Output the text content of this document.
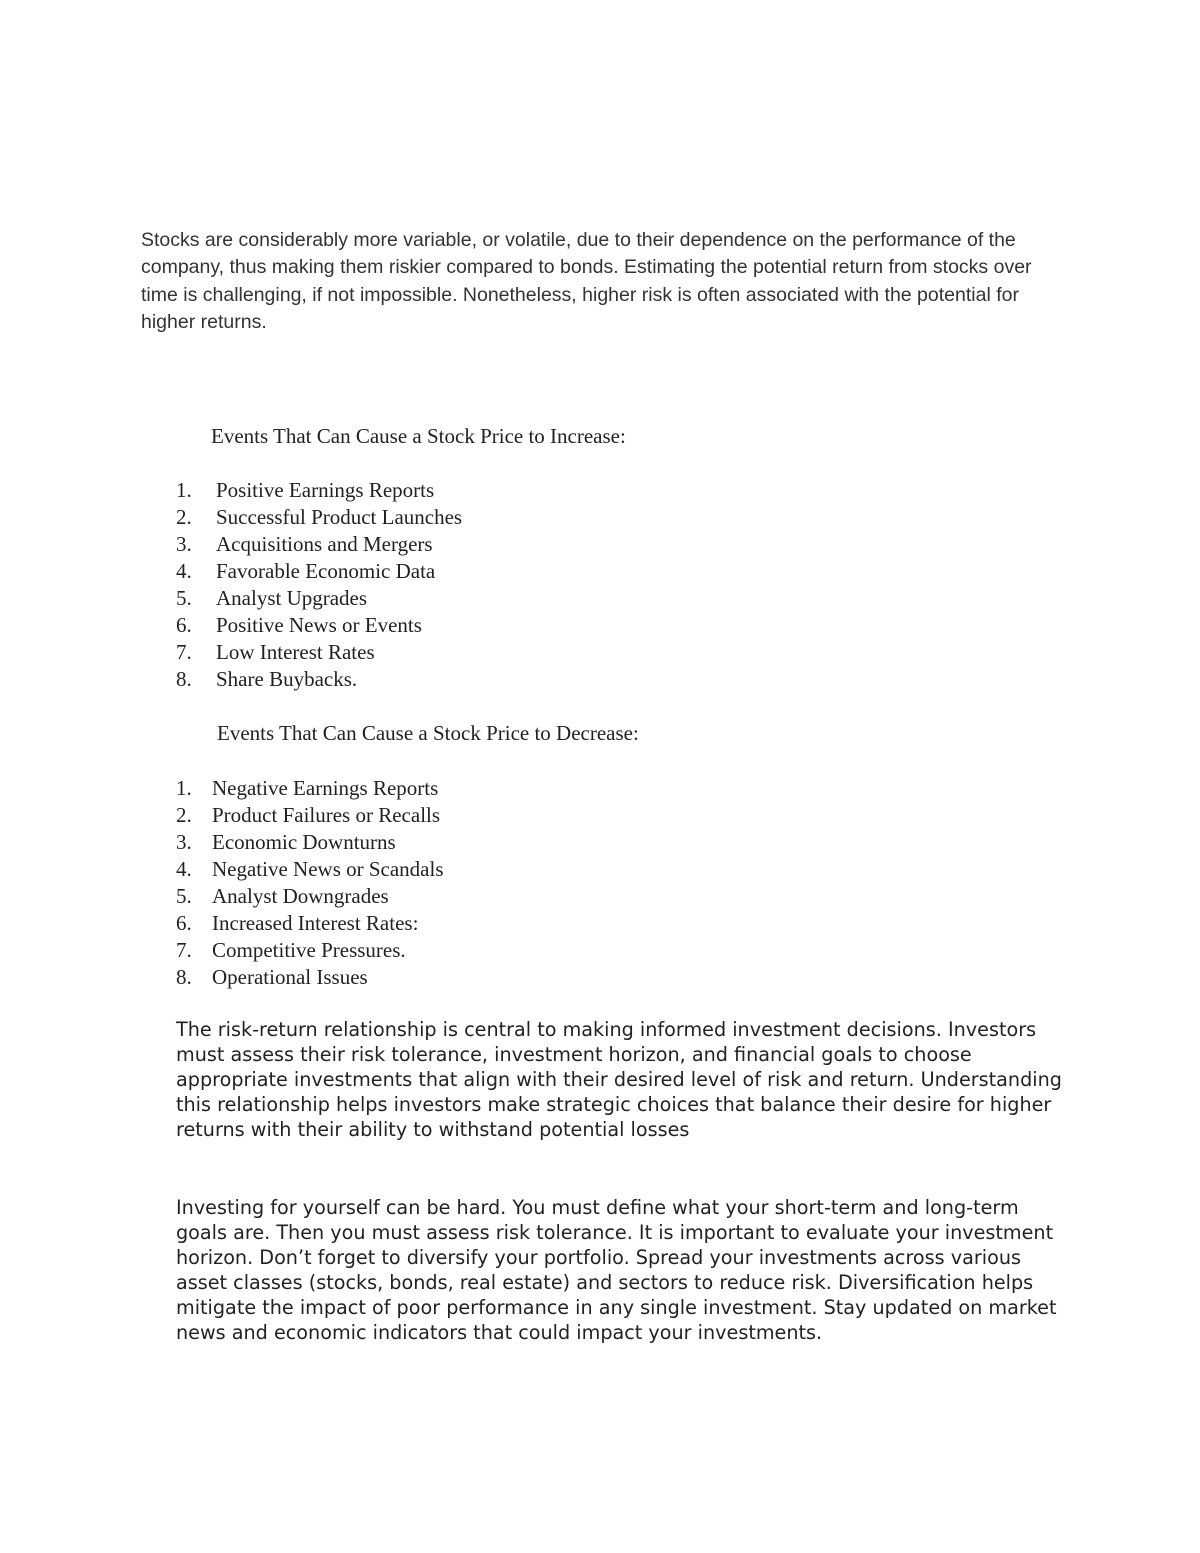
Stocks are considerably more variable, or volatile, due to their dependence on the performance of the company, thus making them riskier compared to bonds. Estimating the potential return from stocks over time is challenging, if not impossible. Nonetheless, higher risk is often associated with the potential for higher returns.

Events That Can Cause a Stock Price to Increase:

1.	Positive Earnings Reports
2.	Successful Product Launches
3.	Acquisitions and Mergers
4.	Favorable Economic Data
5.	Analyst Upgrades
6.	Positive News or Events
7.	Low Interest Rates
8.	Share Buybacks.

Events That Can Cause a Stock Price to Decrease:

1. Negative Earnings Reports
2. Product Failures or Recalls
3. Economic Downturns
4. Negative News or Scandals
5. Analyst Downgrades
6. Increased Interest Rates:
7. Competitive Pressures.
8. Operational Issues

The risk-return relationship is central to making informed investment decisions. Investors must assess their risk tolerance, investment horizon, and financial goals to choose appropriate investments that align with their desired level of risk and return. Understanding this relationship helps investors make strategic choices that balance their desire for higher returns with their ability to withstand potential losses

Investing for yourself can be hard. You must define what your short-term and long-term goals are. Then you must assess risk tolerance. It is important to evaluate your investment horizon. Don’t forget to diversify your portfolio. Spread your investments across various asset classes (stocks, bonds, real estate) and sectors to reduce risk. Diversification helps mitigate the impact of poor performance in any single investment. Stay updated on market news and economic indicators that could impact your investments.
